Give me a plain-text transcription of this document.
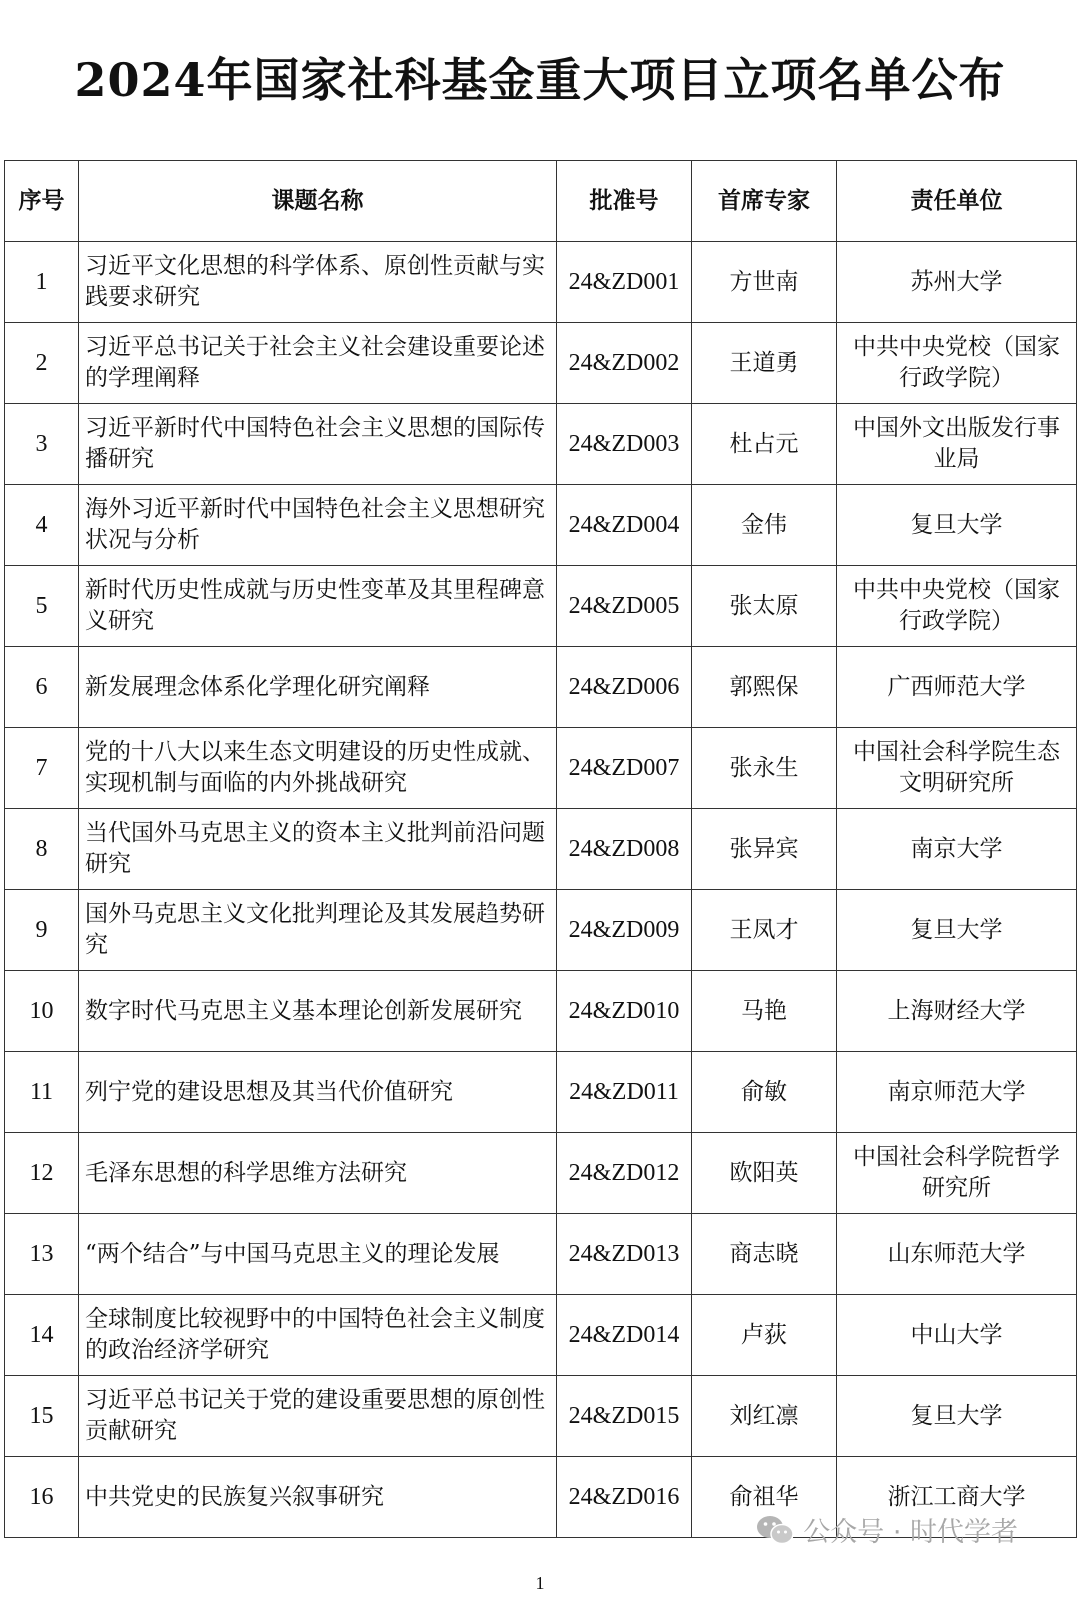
2024年国家社科基金重大项目立项名单公布
序号	课题名称	批准号	首席专家	责任单位
1	习近平文化思想的科学体系、原创性贡献与实践要求研究	24&ZD001	方世南	苏州大学
2	习近平总书记关于社会主义社会建设重要论述的学理阐释	24&ZD002	王道勇	中共中央党校（国家行政学院）
3	习近平新时代中国特色社会主义思想的国际传播研究	24&ZD003	杜占元	中国外文出版发行事业局
4	海外习近平新时代中国特色社会主义思想研究状况与分析	24&ZD004	金伟	复旦大学
5	新时代历史性成就与历史性变革及其里程碑意义研究	24&ZD005	张太原	中共中央党校（国家行政学院）
6	新发展理念体系化学理化研究阐释	24&ZD006	郭熙保	广西师范大学
7	党的十八大以来生态文明建设的历史性成就、实现机制与面临的内外挑战研究	24&ZD007	张永生	中国社会科学院生态文明研究所
8	当代国外马克思主义的资本主义批判前沿问题研究	24&ZD008	张异宾	南京大学
9	国外马克思主义文化批判理论及其发展趋势研究	24&ZD009	王凤才	复旦大学
10	数字时代马克思主义基本理论创新发展研究	24&ZD010	马艳	上海财经大学
11	列宁党的建设思想及其当代价值研究	24&ZD011	俞敏	南京师范大学
12	毛泽东思想的科学思维方法研究	24&ZD012	欧阳英	中国社会科学院哲学研究所
13	“两个结合”与中国马克思主义的理论发展	24&ZD013	商志晓	山东师范大学
14	全球制度比较视野中的中国特色社会主义制度的政治经济学研究	24&ZD014	卢荻	中山大学
15	习近平总书记关于党的建设重要思想的原创性贡献研究	24&ZD015	刘红凛	复旦大学
16	中共党史的民族复兴叙事研究	24&ZD016	俞祖华	浙江工商大学
公众号 · 时代学者
1
